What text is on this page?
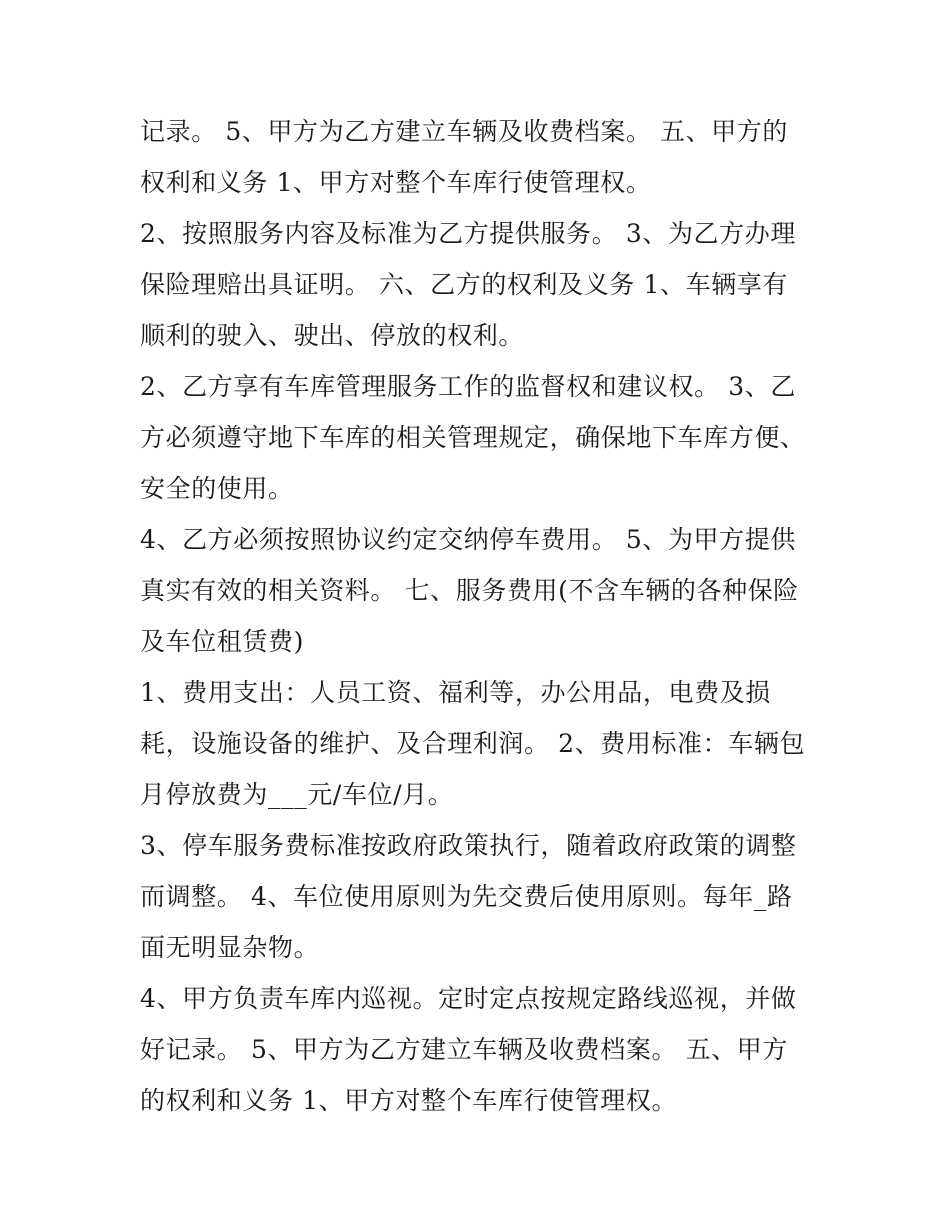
记录。 5、甲方为乙方建立车辆及收费档案。 五、甲方的权利和义务 1、甲方对整个车库行使管理权。

2、按照服务内容及标准为乙方提供服务。 3、为乙方办理保险理赔出具证明。 六、乙方的权利及义务 1、车辆享有顺利的驶入、驶出、停放的权利。

2、乙方享有车库管理服务工作的监督权和建议权。 3、乙方必须遵守地下车库的相关管理规定，确保地下车库方便、安全的使用。

4、乙方必须按照协议约定交纳停车费用。 5、为甲方提供真实有效的相关资料。 七、服务费用(不含车辆的各种保险及车位租赁费)

1、费用支出：人员工资、福利等，办公用品，电费及损耗，设施设备的维护、及合理利润。 2、费用标准：车辆包月停放费为___元/车位/月。

3、停车服务费标准按政府政策执行，随着政府政策的调整而调整。 4、车位使用原则为先交费后使用原则。每年_路面无明显杂物。

4、甲方负责车库内巡视。定时定点按规定路线巡视，并做好记录。 5、甲方为乙方建立车辆及收费档案。 五、甲方的权利和义务 1、甲方对整个车库行使管理权。
